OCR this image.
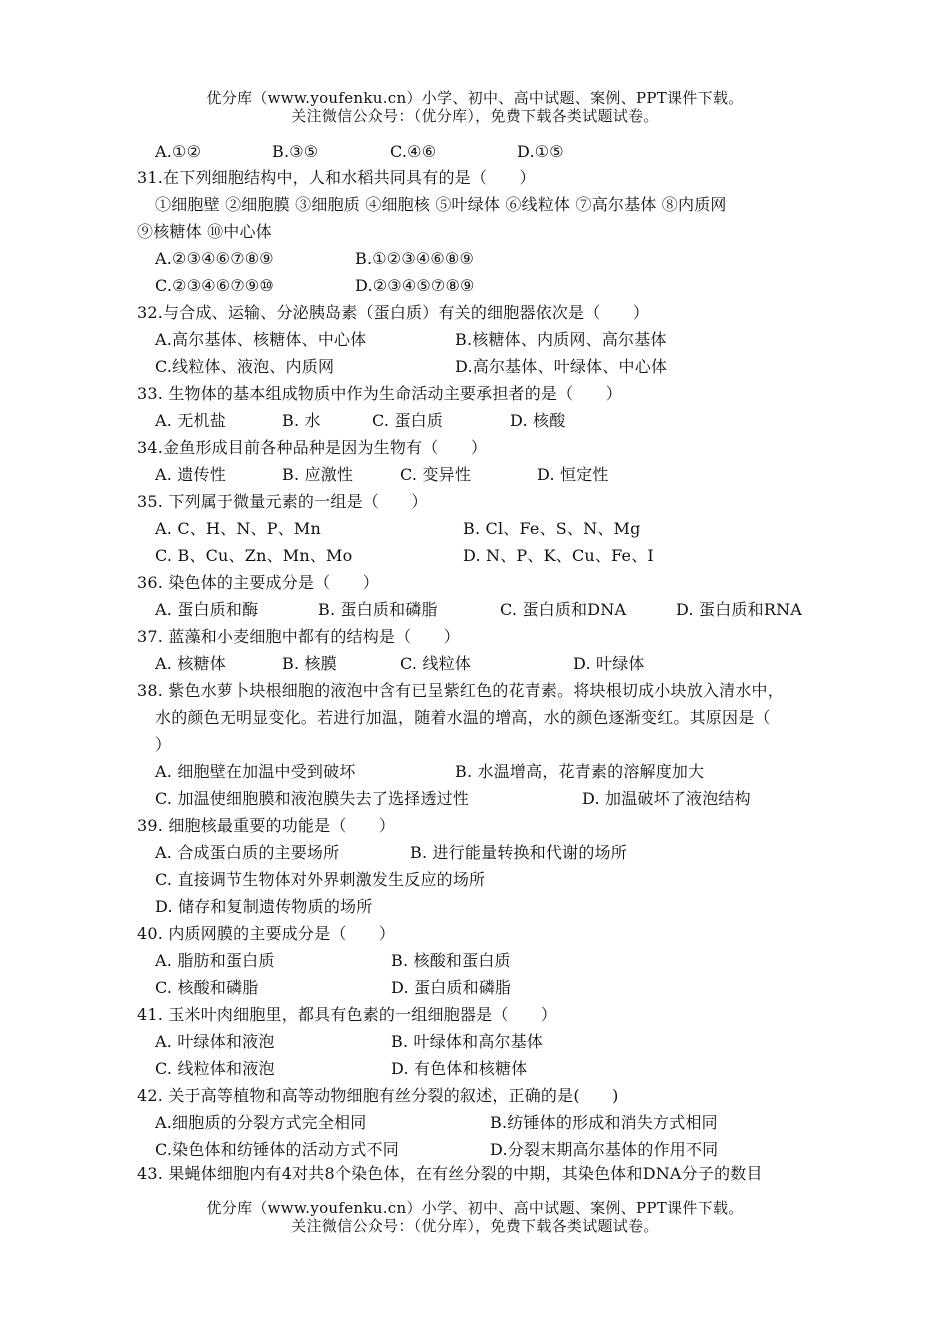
优分库（www.youfenku.cn）小学、初中、高中试题、案例、PPT课件下载。
关注微信公众号：（优分库），免费下载各类试题试卷。
A.①②	B.③⑤	C.④⑥	D.①⑤
31.在下列细胞结构中，人和水稻共同具有的是（　　）
①细胞壁 ②细胞膜 ③细胞质 ④细胞核 ⑤叶绿体 ⑥线粒体 ⑦高尔基体 ⑧内质网
⑨核糖体 ⑩中心体
A.②③④⑥⑦⑧⑨	B.①②③④⑥⑧⑨
C.②③④⑥⑦⑨⑩	D.②③④⑤⑦⑧⑨
32.与合成、运输、分泌胰岛素（蛋白质）有关的细胞器依次是（　　）
A.高尔基体、核糖体、中心体	B.核糖体、内质网、高尔基体
C.线粒体、液泡、内质网	D.高尔基体、叶绿体、中心体
33. 生物体的基本组成物质中作为生命活动主要承担者的是（　　）
A. 无机盐	B. 水	C. 蛋白质	D. 核酸
34.金鱼形成目前各种品种是因为生物有（　　）
A. 遗传性	B. 应激性	C. 变异性	D. 恒定性
35. 下列属于微量元素的一组是（　　）
A. C、H、N、P、Mn	B. Cl、Fe、S、N、Mg
C. B、Cu、Zn、Mn、Mo	D. N、P、K、Cu、Fe、I
36. 染色体的主要成分是（　　）
A. 蛋白质和酶	B. 蛋白质和磷脂	C. 蛋白质和DNA	D. 蛋白质和RNA
37. 蓝藻和小麦细胞中都有的结构是（　　）
A. 核糖体	B. 核膜	C. 线粒体	D. 叶绿体
38. 紫色水萝卜块根细胞的液泡中含有已呈紫红色的花青素。将块根切成小块放入清水中，
水的颜色无明显变化。若进行加温，随着水温的增高，水的颜色逐渐变红。其原因是（
）
A. 细胞壁在加温中受到破坏	B. 水温增高，花青素的溶解度加大
C. 加温使细胞膜和液泡膜失去了选择透过性	D. 加温破坏了液泡结构
39. 细胞核最重要的功能是（　　）
A. 合成蛋白质的主要场所	B. 进行能量转换和代谢的场所
C. 直接调节生物体对外界刺激发生反应的场所
D. 储存和复制遗传物质的场所
40. 内质网膜的主要成分是（　　）
A. 脂肪和蛋白质	B. 核酸和蛋白质
C. 核酸和磷脂	D. 蛋白质和磷脂
41. 玉米叶肉细胞里，都具有色素的一组细胞器是（　　）
A. 叶绿体和液泡	B. 叶绿体和高尔基体
C. 线粒体和液泡	D. 有色体和核糖体
42. 关于高等植物和高等动物细胞有丝分裂的叙述，正确的是(　　)
A.细胞质的分裂方式完全相同	B.纺锤体的形成和消失方式相同
C.染色体和纺锤体的活动方式不同	D.分裂末期高尔基体的作用不同
43. 果蝇体细胞内有4对共8个染色体，在有丝分裂的中期，其染色体和DNA分子的数目
优分库（www.youfenku.cn）小学、初中、高中试题、案例、PPT课件下载。
关注微信公众号：（优分库），免费下载各类试题试卷。
